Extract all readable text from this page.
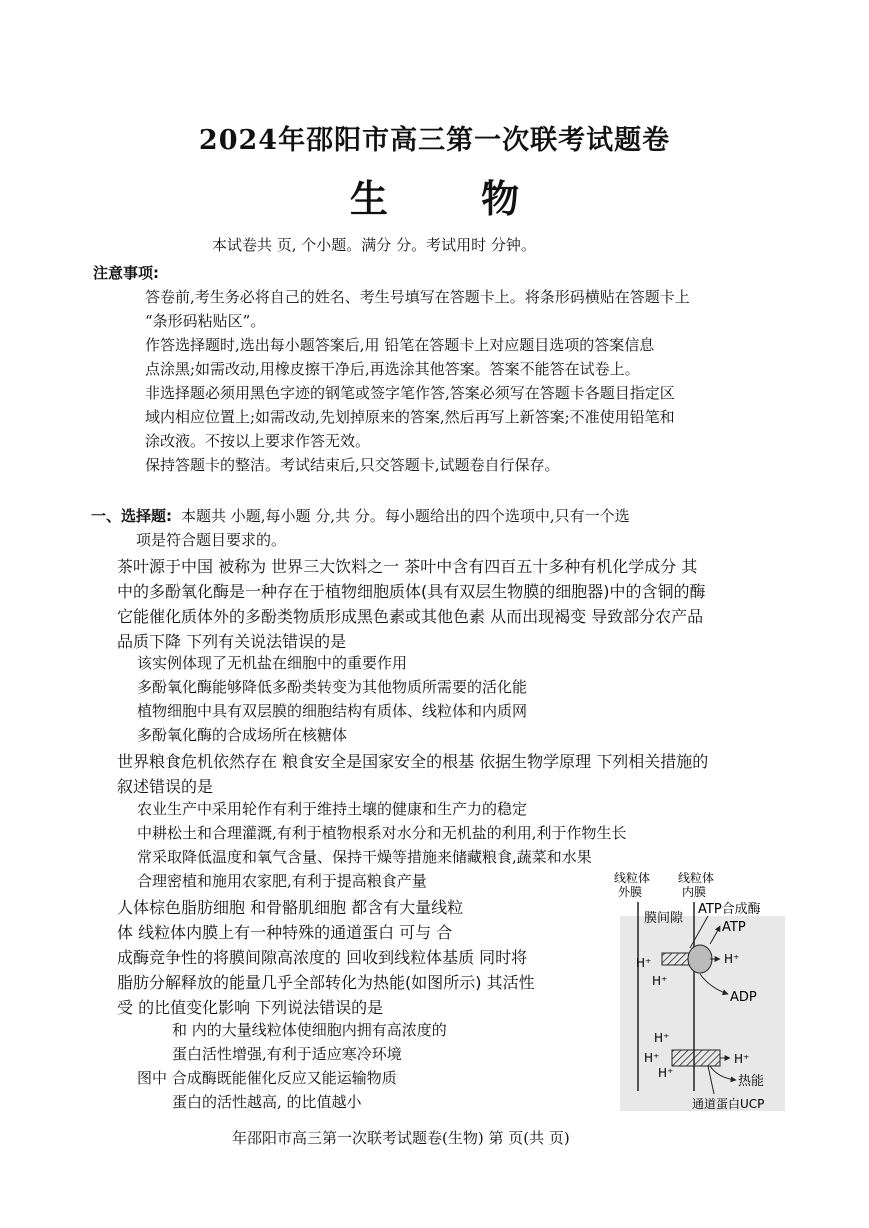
2024年邵阳市高三第一次联考试题卷
生 物
本试卷共 页, 个小题。满分 分。考试用时 分钟。
注意事项:
答卷前,考生务必将自己的姓名、考生号填写在答题卡上。将条形码横贴在答题卡上
“条形码粘贴区”。
作答选择题时,选出每小题答案后,用 铅笔在答题卡上对应题目选项的答案信息
点涂黑;如需改动,用橡皮擦干净后,再选涂其他答案。答案不能答在试卷上。
非选择题必须用黑色字迹的钢笔或签字笔作答,答案必须写在答题卡各题目指定区
域内相应位置上;如需改动,先划掉原来的答案,然后再写上新答案;不准使用铅笔和
涂改液。不按以上要求作答无效。
保持答题卡的整洁。考试结束后,只交答题卡,试题卷自行保存。
一、选择题: 本题共 小题,每小题 分,共 分。每小题给出的四个选项中,只有一个选
项是符合题目要求的。
茶叶源于中国 被称为 世界三大饮料之一 茶叶中含有四百五十多种有机化学成分 其
中的多酚氧化酶是一种存在于植物细胞质体(具有双层生物膜的细胞器)中的含铜的酶
它能催化质体外的多酚类物质形成黑色素或其他色素 从而出现褐变 导致部分农产品
品质下降 下列有关说法错误的是
该实例体现了无机盐在细胞中的重要作用
多酚氧化酶能够降低多酚类转变为其他物质所需要的活化能
植物细胞中具有双层膜的细胞结构有质体、线粒体和内质网
多酚氧化酶的合成场所在核糖体
世界粮食危机依然存在 粮食安全是国家安全的根基 依据生物学原理 下列相关措施的
叙述错误的是
农业生产中采用轮作有利于维持土壤的健康和生产力的稳定
中耕松土和合理灌溉,有利于植物根系对水分和无机盐的利用,利于作物生长
常采取降低温度和氧气含量、保持干燥等措施来储藏粮食,蔬菜和水果
合理密植和施用农家肥,有利于提高粮食产量
人体棕色脂肪细胞 和骨骼肌细胞 都含有大量线粒
体 线粒体内膜上有一种特殊的通道蛋白 可与 合
成酶竞争性的将膜间隙高浓度的 回收到线粒体基质 同时将
脂肪分解释放的能量几乎全部转化为热能(如图所示) 其活性
受 的比值变化影响 下列说法错误的是
和 内的大量线粒体使细胞内拥有高浓度的
蛋白活性增强,有利于适应寒冷环境
图中 合成酶既能催化反应又能运输物质
蛋白的活性越高, 的比值越小
线粒体
外膜
线粒体
内膜
膜间隙
ATP合成酶
H⁺
H⁺
H⁺
ATP
ADP
H⁺
H⁺
H⁺
H⁺
热能
通道蛋白UCP
年邵阳市高三第一次联考试题卷(生物) 第 页(共 页)
